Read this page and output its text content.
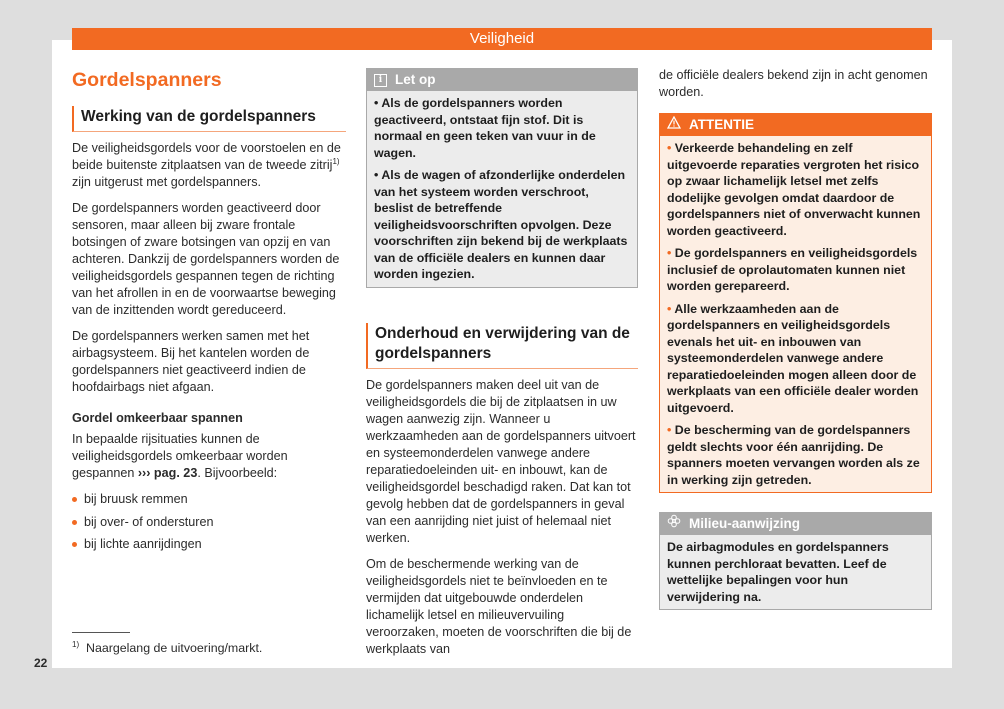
Veiligheid
Gordelspanners
Werking van de gordelspanners

De veiligheidsgordels voor de voorstoelen en de beide buitenste zitplaatsen van de tweede zitrij$^{1)}$ zijn uitgerust met gordelspanners.

De gordelspanners worden geactiveerd door sensoren, maar alleen bij zware frontale botsingen of zware botsingen van opzij en van achteren. Dankzij de gordelspanners worden de veiligheidsgordels gespannen tegen de richting van het afrollen in en de voorwaartse beweging van de inzittenden wordt gereduceerd.

De gordelspanners werken samen met het airbagsysteem. Bij het kantelen worden de gordelspanners niet geactiveerd indien de hoofdairbags niet afgaan.

Gordel omkeerbaar spannen

In bepaalde rijsituaties kunnen de veiligheidsgordels omkeerbaar worden gespannen ››› pag. 23. Bijvoorbeeld:

bij bruusk remmen
bij over- of ondersturen
bij lichte aanrijdingen
i Let op

• Als de gordelspanners worden geactiveerd, ontstaat fijn stof. Dit is normaal en geen teken van vuur in de wagen.

• Als de wagen of afzonderlijke onderdelen van het systeem worden verschroot, beslist de betreffende veiligheidsvoorschriften opvolgen. Deze voorschriften zijn bekend bij de werkplaats van de officiële dealers en kunnen daar worden ingezien.

Onderhoud en verwijdering van de gordelspanners

De gordelspanners maken deel uit van de veiligheidsgordels die bij de zitplaatsen in uw wagen aanwezig zijn. Wanneer u werkzaamheden aan de gordelspanners uitvoert en systeemonderdelen vanwege andere reparatiedoeleinden uit- en inbouwt, kan de veiligheidsgordel beschadigd raken. Dat kan tot gevolg hebben dat de gordelspanners in geval van een aanrijding niet juist of helemaal niet werken.

Om de beschermende werking van de veiligheidsgordels niet te beïnvloeden en te vermijden dat uitgebouwde onderdelen lichamelijk letsel en milieuvervuiling veroorzaken, moeten de voorschriften die bij de werkplaats van

de officiële dealers bekend zijn in acht genomen worden.

ATTENTIE

• Verkeerde behandeling en zelf uitgevoerde reparaties vergroten het risico op zwaar lichamelijk letsel met zelfs dodelijke gevolgen omdat daardoor de gordelspanners niet of onverwacht kunnen worden geactiveerd.

• De gordelspanners en veiligheidsgordels inclusief de oprolautomaten kunnen niet worden gerepareerd.

• Alle werkzaamheden aan de gordelspanners en veiligheidsgordels evenals het uit- en inbouwen van systeemonderdelen vanwege andere reparatiedoeleinden mogen alleen door de werkplaats van een officiële dealer worden uitgevoerd.

• De bescherming van de gordelspanners geldt slechts voor één aanrijding. De spanners moeten vervangen worden als ze in werking zijn getreden.

Milieu-aanwijzing

De airbagmodules en gordelspanners kunnen perchloraat bevatten. Leef de wettelijke bepalingen voor hun verwijdering na.

$^{1)}$ Naargelang de uitvoering/markt.
22
